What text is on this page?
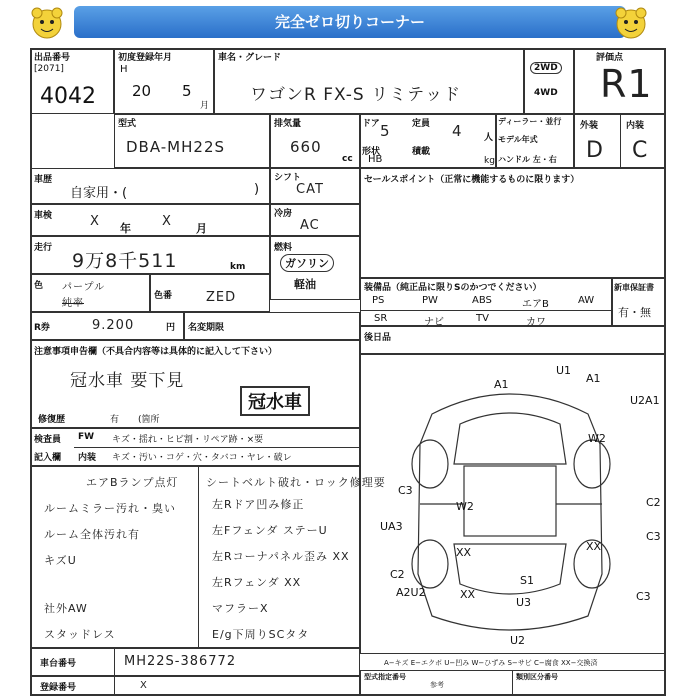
完全ゼロ切りコーナー
出品番号
[2071]
4042
初度登録年月
H
20 5
月
車名・グレード
ワゴンR FX-S リミテッド
2WD
4WD
評価点
R1
型式
DBA-MH22S
排気量
660
cc
ドア 5 定員 4 人
形状
HB
積載
kg
ディーラー・並行
モデル年式
ハンドル 左・右
外装	内装
D C
車歴
自家用・(	)
シフト
CAT
セールスポイント（正常に機能するものに限ります）
車検	X 年 X 月
冷房
AC
走行
9万8千511	km
燃料
ガソリン
軽油
色 パープル
純率
色番	ZED
装備品（純正品に限りSのかつでください）
PS	PW	ABS	エアB	AW
SR	ナビ	TV	カワ
新車保証書
有・無
R券	9.200	円 名変期限
後日品
注意事項申告欄（不具合内容等は具体的に記入して下さい）
冠水車 要下見
冠水車
修復歴	有 (箇所
検査員
記入欄
FW
内装
キズ・揺れ・ヒビ割・リペア跡・×要
キズ・汚い・コゲ・穴・タバコ・ヤレ・破レ
エアBランプ点灯
ルームミラー汚れ・臭い
ルーム全体汚れ有
キズU
社外AW
スタッドレス
シートベルト破れ・ロック修理要
左Rドア凹み修正
左Fフェンダ ステーU
左Rコーナパネル歪み XX
左Rフェンダ XX
マフラーX
E/g下周りSCタタ
車台番号	MH22S-386772
登録番号	X
A1
U1
A1
U2A1
W2
W2
C3
C2
C3
UA3
XX
C2
A2U2	XX
S1
U3	C3
U2
XX
A−キズ E−エクボ U−凹み W−ひずみ S−サビ C−腐食 XX−交換済
型式指定番号
参考
類別区分番号
